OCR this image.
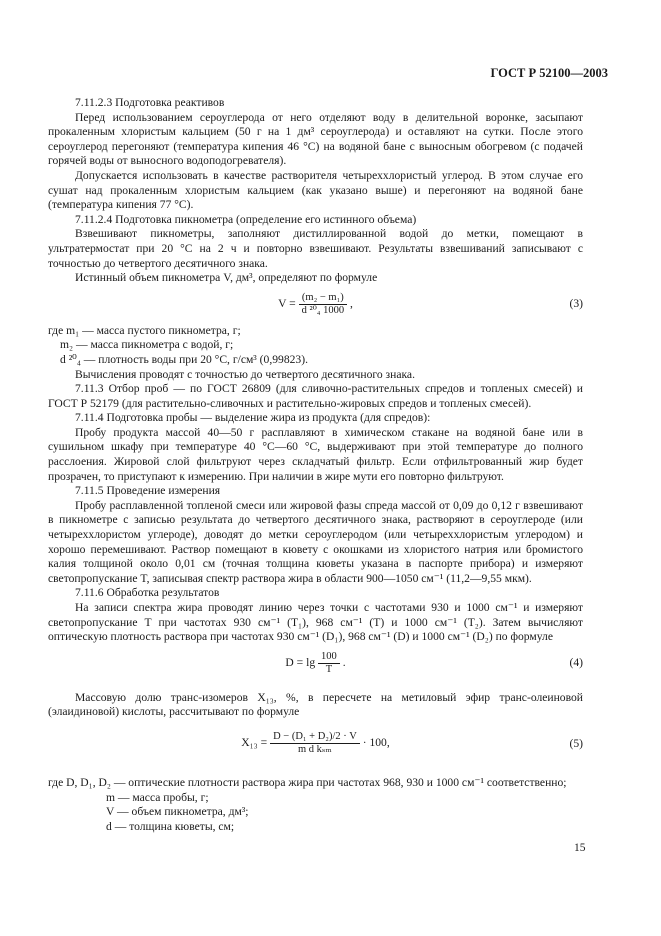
ГОСТ Р 52100—2003

7.11.2.3 Подготовка реактивов

Перед использованием сероуглерода от него отделяют воду в делительной воронке, засыпают прокаленным хлористым кальцием (50 г на 1 дм³ сероуглерода) и оставляют на сутки. После этого сероуглерод перегоняют (температура кипения 46 °С) на водяной бане с выносным обогревом (с подачей горячей воды от выносного водоподогревателя).

Допускается использовать в качестве растворителя четыреххлористый углерод. В этом случае его сушат над прокаленным хлористым кальцием (как указано выше) и перегоняют на водяной бане (температура кипения 77 °С).

7.11.2.4 Подготовка пикнометра (определение его истинного объема)

Взвешивают пикнометры, заполняют дистиллированной водой до метки, помещают в ультратермостат при 20 °С на 2 ч и повторно взвешивают. Результаты взвешиваний записывают с точностью до четвертого десятичного знака.

Истинный объем пикнометра V, дм³, определяют по формуле

$V = \frac{\text{(m₂ − m₁)}}{\text{d ²⁰₄ 1000}}$ ,	(3)

где m₁ — масса пустого пикнометра, г;

m₂ — масса пикнометра с водой, г;

d ²⁰₄ — плотность воды при 20 °С, г/см³ (0,99823).

Вычисления проводят с точностью до четвертого десятичного знака.

7.11.3 Отбор проб — по ГОСТ 26809 (для сливочно-растительных спредов и топленых смесей) и ГОСТ Р 52179 (для растительно-сливочных и растительно-жировых спредов и топленых смесей).

7.11.4 Подготовка пробы — выделение жира из продукта (для спредов):

Пробу продукта массой 40—50 г расплавляют в химическом стакане на водяной бане или в сушильном шкафу при температуре 40 °С—60 °С, выдерживают при этой температуре до полного расслоения. Жировой слой фильтруют через складчатый фильтр. Если отфильтрованный жир будет прозрачен, то приступают к измерению. При наличии в жире мути его повторно фильтруют.

7.11.5 Проведение измерения

Пробу расплавленной топленой смеси или жировой фазы спреда массой от 0,09 до 0,12 г взвешивают в пикнометре с записью результата до четвертого десятичного знака, растворяют в сероуглероде (или четыреххлористом углероде), доводят до метки сероуглеродом (или четыреххлористым углеродом) и хорошо перемешивают. Раствор помещают в кювету с окошками из хлористого натрия или бромистого калия толщиной около 0,01 см (точная толщина кюветы указана в паспорте прибора) и измеряют светопропускание T, записывая спектр раствора жира в области 900—1050 см⁻¹ (11,2—9,55 мкм).

7.11.6 Обработка результатов

На записи спектра жира проводят линию через точки с частотами 930 и 1000 см⁻¹ и измеряют светопропускание T при частотах 930 см⁻¹ (T₁), 968 см⁻¹ (T) и 1000 см⁻¹ (T₂). Затем вычисляют оптическую плотность раствора при частотах 930 см⁻¹ (D₁), 968 см⁻¹ (D) и 1000 см⁻¹ (D₂) по формуле

$D = \lg \frac{100}{T}$ .	(4)

Массовую долю транс-изомеров X₁₃, %, в пересчете на метиловый эфир транс-олеиновой (элаидиновой) кислоты, рассчитывают по формуле

$X_{13} = \frac{\text{D − (D₁ + D₂)/2 · V}}{\text{m d kₛₘ}} \cdot 100$,	(5)

где D, D₁, D₂ — оптические плотности раствора жира при частотах 968, 930 и 1000 см⁻¹ соответственно;

m — масса пробы, г;

V — объем пикнометра, дм³;

d — толщина кюветы, см;

15
